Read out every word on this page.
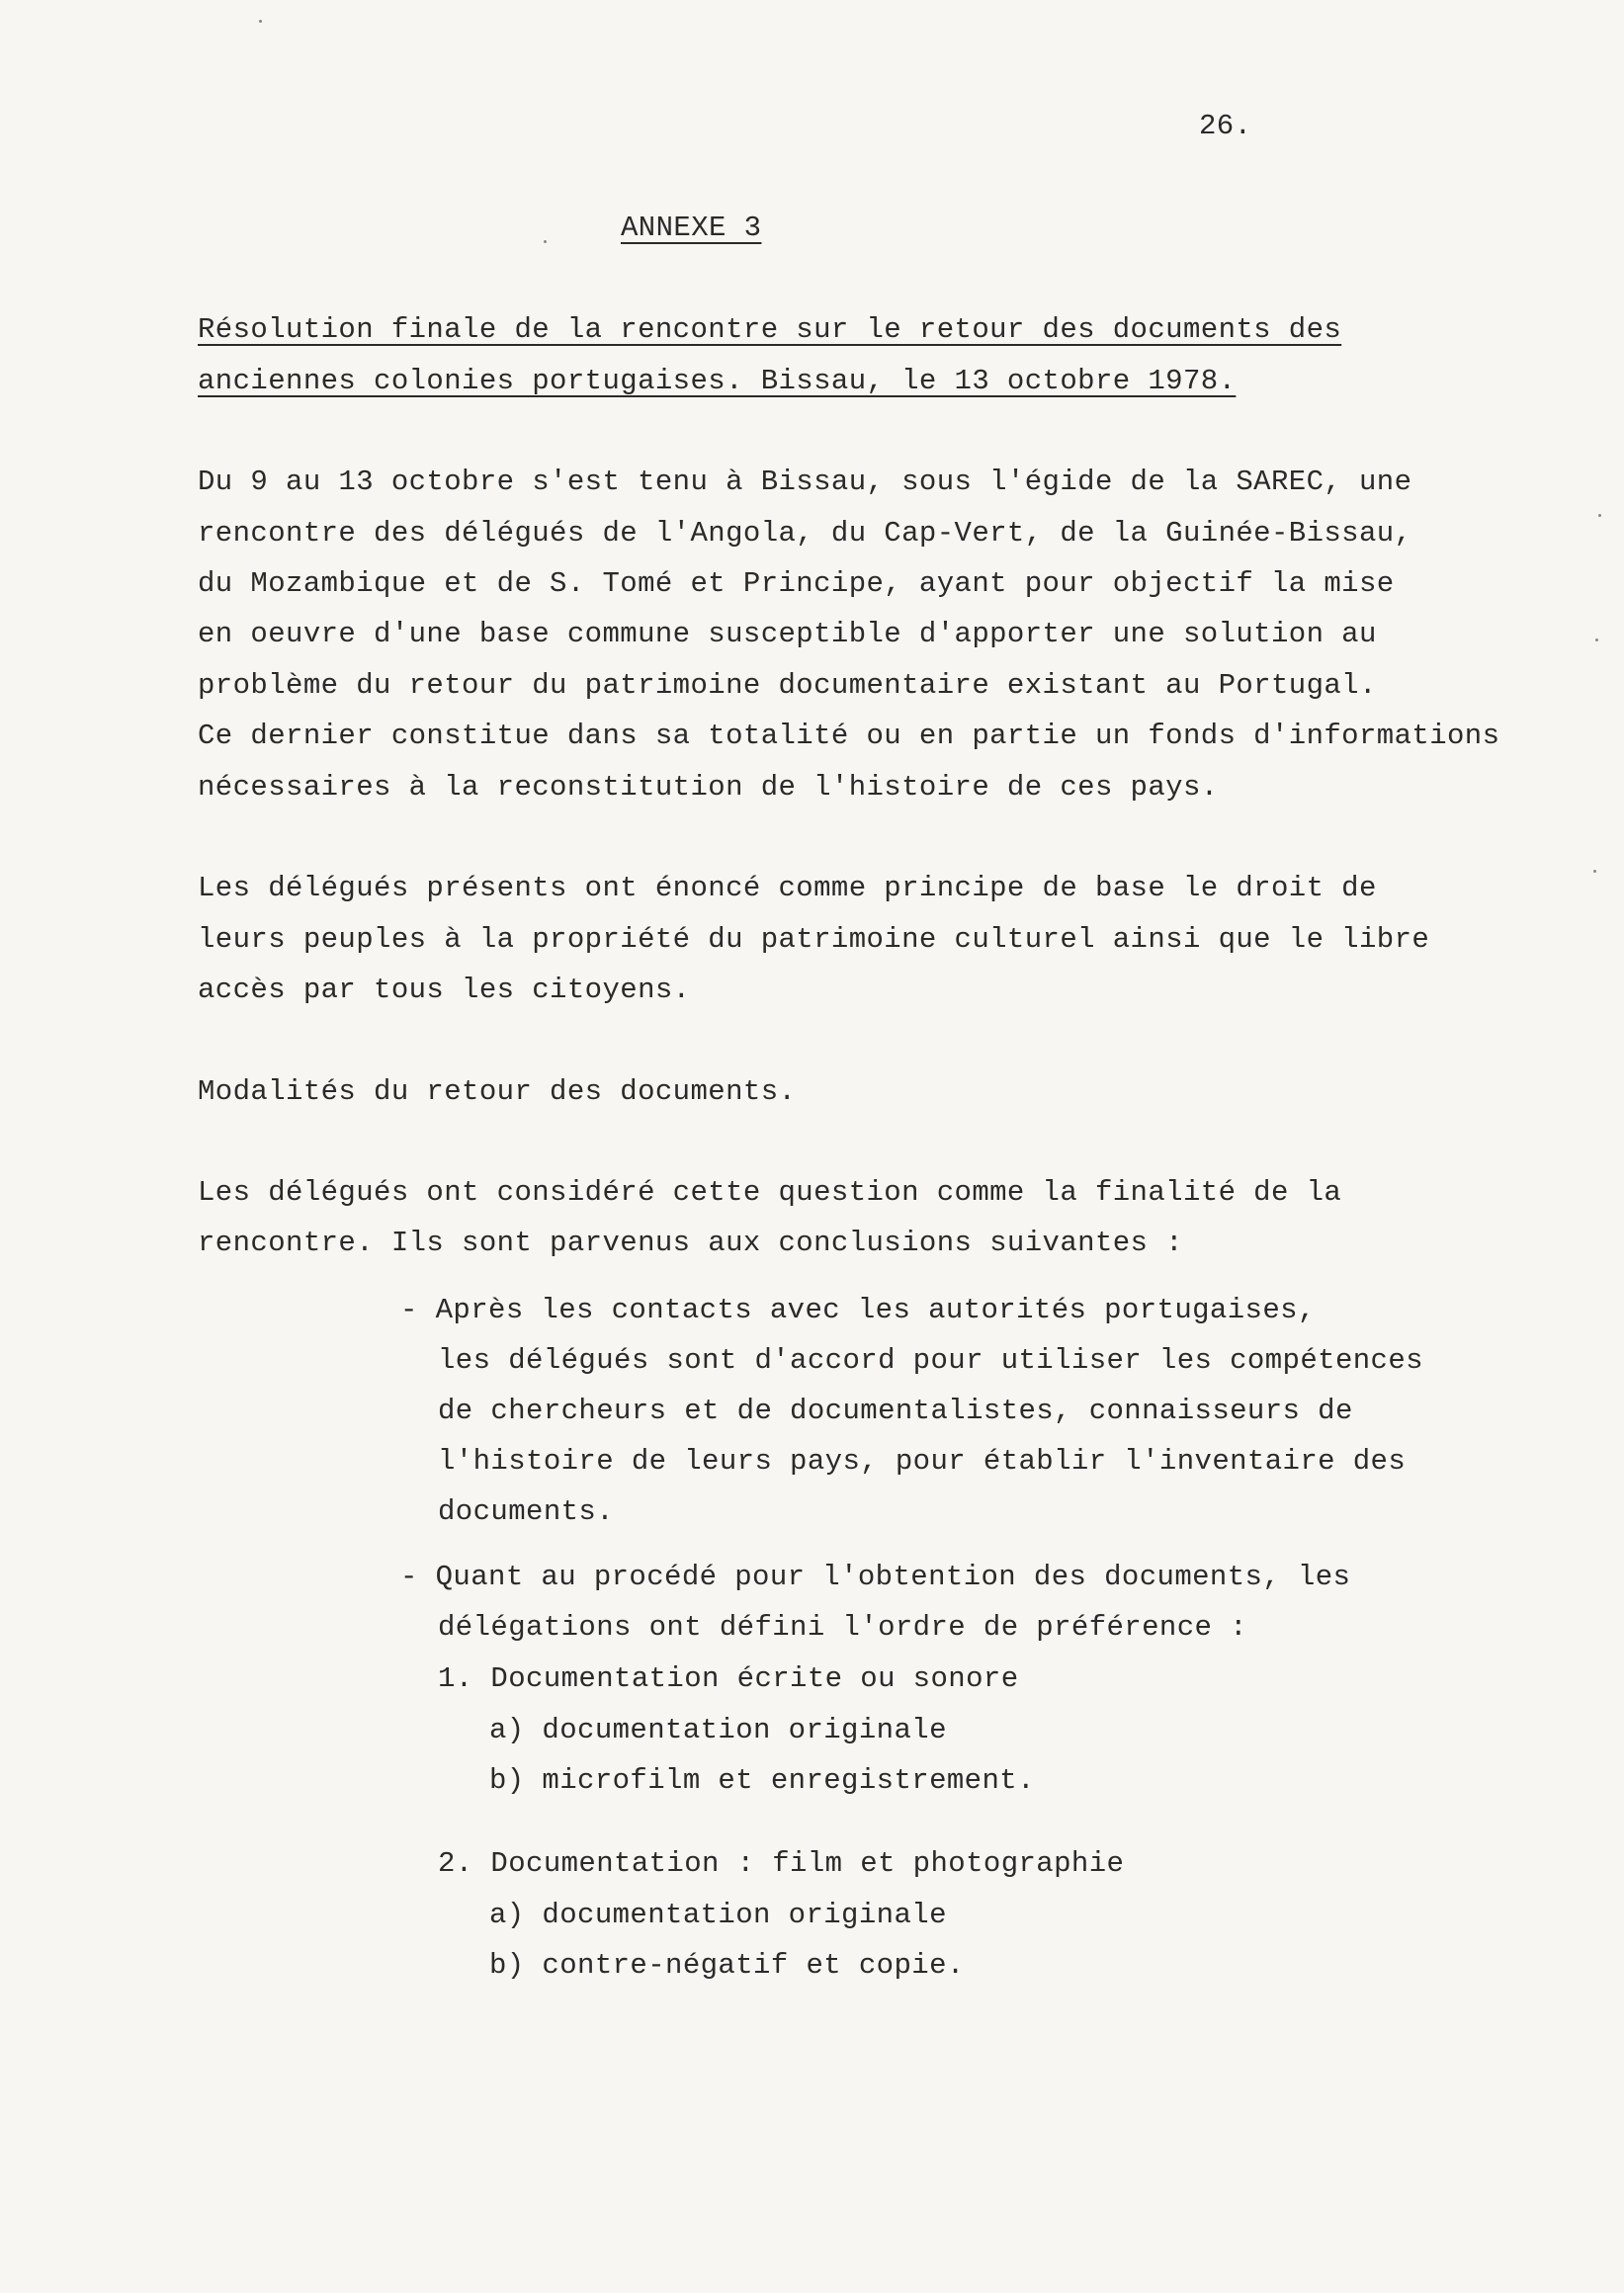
26.
ANNEXE 3
Résolution finale de la rencontre sur le retour des documents des
anciennes colonies portugaises. Bissau, le 13 octobre 1978.
Du 9 au 13 octobre s'est tenu à Bissau, sous l'égide de la SAREC, une
rencontre des délégués de l'Angola, du Cap-Vert, de la Guinée-Bissau,
du Mozambique et de S. Tomé et Principe, ayant pour objectif la mise
en oeuvre d'une base commune susceptible d'apporter une solution au
problème du retour du patrimoine documentaire existant au Portugal.
Ce dernier constitue dans sa totalité ou en partie un fonds d'informations
nécessaires à la reconstitution de l'histoire de ces pays.
Les délégués présents ont énoncé comme principe de base le droit de
leurs peuples à la propriété du patrimoine culturel ainsi que le libre
accès par tous les citoyens.
Modalités du retour des documents.
Les délégués ont considéré cette question comme la finalité de la
rencontre. Ils sont parvenus aux conclusions suivantes :
- Après les contacts avec les autorités portugaises,
les délégués sont d'accord pour utiliser les compétences
de chercheurs et de documentalistes, connaisseurs de
l'histoire de leurs pays, pour établir l'inventaire des
documents.
- Quant au procédé pour l'obtention des documents, les
délégations ont défini l'ordre de préférence :
1. Documentation écrite ou sonore
a) documentation originale
b) microfilm et enregistrement.
2. Documentation : film et photographie
a) documentation originale
b) contre-négatif et copie.
